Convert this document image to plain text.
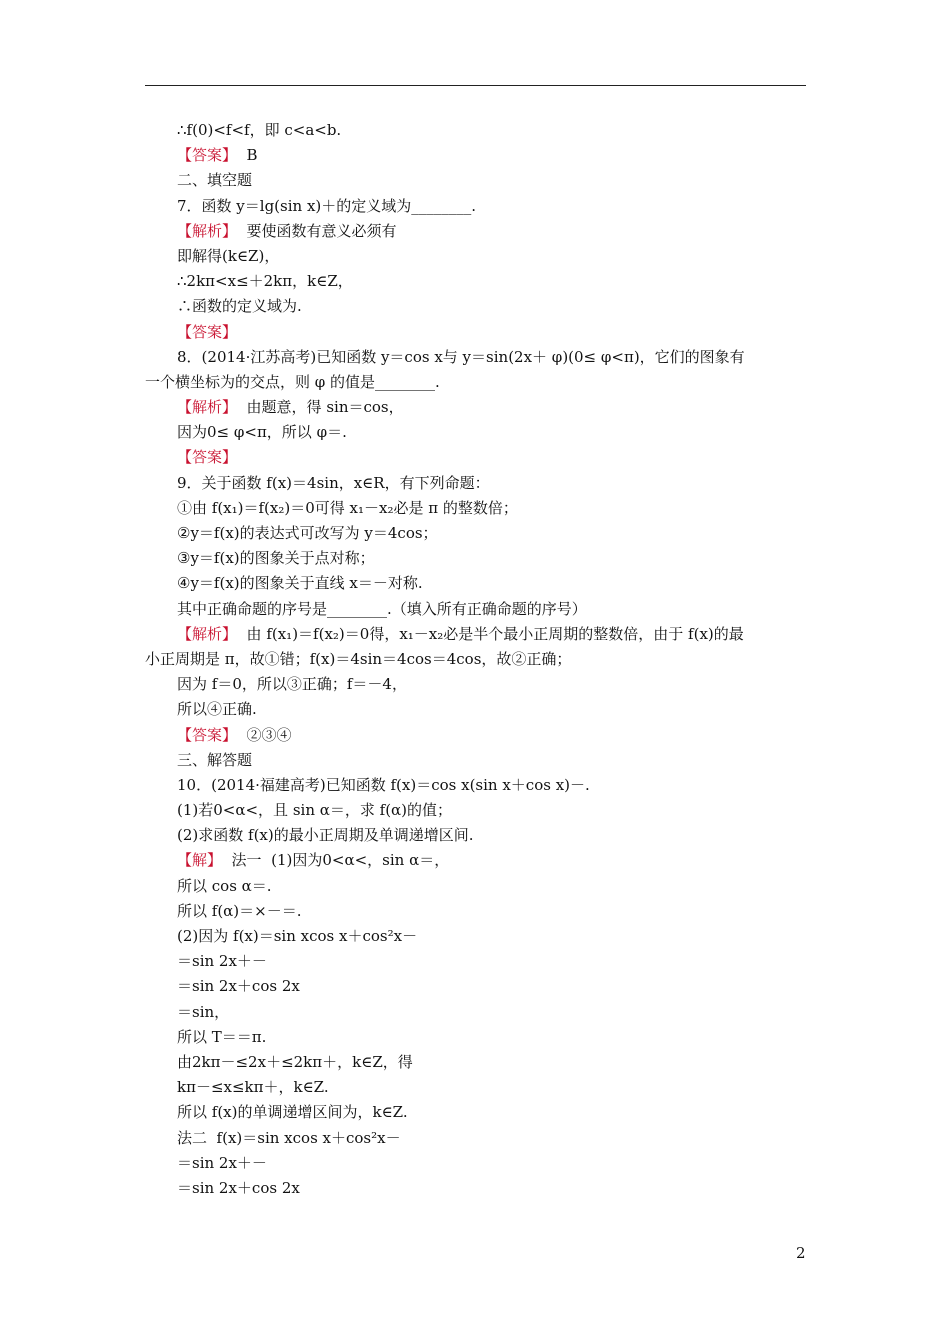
∴f(0)<f<f，即 c<a<b.
【答案】  B
二、填空题
7．函数 y＝lg(sin x)＋的定义域为________.
【解析】  要使函数有意义必须有
即解得(k∈Z)，
∴2kπ<x≤＋2kπ，k∈Z，
∴函数的定义域为.
【答案】
8．(2014·江苏高考)已知函数 y＝cos x与 y＝sin(2x＋ φ)(0≤ φ<π)，它们的图象有
一个横坐标为的交点，则 φ 的值是________.
【解析】  由题意，得 sin＝cos，
因为0≤ φ<π，所以 φ＝.
【答案】
9．关于函数 f(x)＝4sin，x∈R，有下列命题：
①由 f(x₁)＝f(x₂)＝0可得 x₁－x₂必是 π 的整数倍；
②y＝f(x)的表达式可改写为 y＝4cos；
③y＝f(x)的图象关于点对称；
④y＝f(x)的图象关于直线 x＝－对称.
其中正确命题的序号是________.（填入所有正确命题的序号）
【解析】  由 f(x₁)＝f(x₂)＝0得，x₁－x₂必是半个最小正周期的整数倍，由于 f(x)的最
小正周期是 π，故①错；f(x)＝4sin＝4cos＝4cos，故②正确；
因为 f＝0，所以③正确；f＝－4，
所以④正确.
【答案】  ②③④
三、解答题
10．(2014·福建高考)已知函数 f(x)＝cos x(sin x＋cos x)－.
(1)若0<α<，且 sin α＝，求 f(α)的值；
(2)求函数 f(x)的最小正周期及单调递增区间.
【解】  法一  (1)因为0<α<，sin α＝，
所以 cos α＝.
所以 f(α)＝×－＝.
(2)因为 f(x)＝sin xcos x＋cos²x－
＝sin 2x＋－
＝sin 2x＋cos 2x
＝sin，
所以 T＝＝π.
由2kπ－≤2x＋≤2kπ＋，k∈Z，得
kπ－≤x≤kπ＋，k∈Z.
所以 f(x)的单调递增区间为，k∈Z.
法二  f(x)＝sin xcos x＋cos²x－
＝sin 2x＋－
＝sin 2x＋cos 2x
2
